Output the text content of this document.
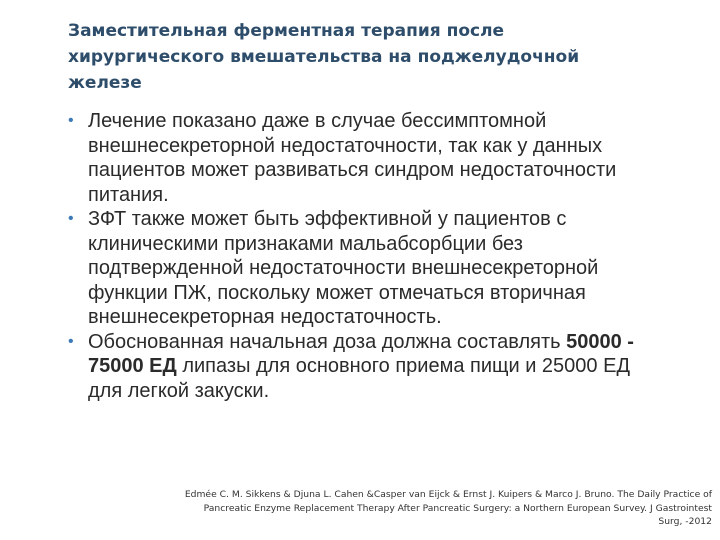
Заместительная ферментная терапия после
хирургического вмешательства на поджелудочной
железе
• Лечение показано даже в случае бессимптомной
внешнесекреторной недостаточности, так как у данных
пациентов может развиваться синдром недостаточности
питания.
• ЗФТ также может быть эффективной у пациентов с
клиническими признаками мальабсорбции без
подтвержденной недостаточности внешнесекреторной
функции ПЖ, поскольку может отмечаться вторичная
внешнесекреторная недостаточность.
• Обоснованная начальная доза должна составлять 50000 -
75000 ЕД липазы для основного приема пищи и 25000 ЕД
для легкой закуски.
Edmée C. M. Sikkens & Djuna L. Cahen &Casper van Eijck & Ernst J. Kuipers & Marco J. Bruno. The Daily Practice of
Pancreatic Enzyme Replacement Therapy After Pancreatic Surgery: a Northern European Survey. J Gastrointest
Surg, -2012
